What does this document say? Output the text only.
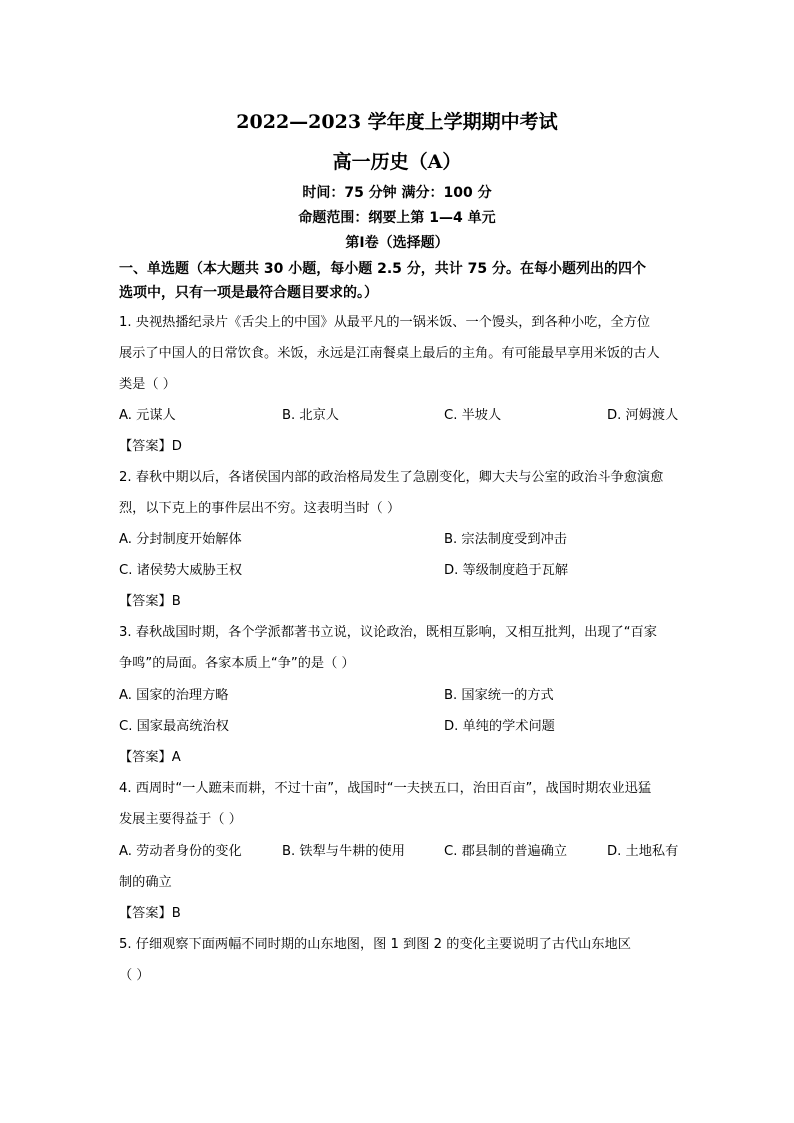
2022—2023 学年度上学期期中考试
高一历史（A）
时间：75 分钟 满分：100 分
命题范围：纲要上第 1—4 单元
第Ⅰ卷（选择题）
一、单选题（本大题共 30 小题，每小题 2.5 分，共计 75 分。在每小题列出的四个
选项中，只有一项是最符合题目要求的。）
1. 央视热播纪录片《舌尖上的中国》从最平凡的一锅米饭、一个馒头，到各种小吃，全方位
展示了中国人的日常饮食。米饭，永远是江南餐桌上最后的主角。有可能最早享用米饭的古人
类是（ ）
A. 元谋人	B. 北京人	C. 半坡人	D. 河姆渡人
【答案】D
2. 春秋中期以后，各诸侯国内部的政治格局发生了急剧变化，卿大夫与公室的政治斗争愈演愈
烈，以下克上的事件层出不穷。这表明当时（ ）
A. 分封制度开始解体	B. 宗法制度受到冲击
C. 诸侯势大威胁王权	D. 等级制度趋于瓦解
【答案】B
3. 春秋战国时期，各个学派都著书立说，议论政治，既相互影响，又相互批判，出现了“百家
争鸣”的局面。各家本质上“争”的是（ ）
A. 国家的治理方略	B. 国家统一的方式
C. 国家最高统治权	D. 单纯的学术问题
【答案】A
4. 西周时“一人蹠耒而耕，不过十亩”，战国时“一夫挟五口，治田百亩”，战国时期农业迅猛
发展主要得益于（ ）
A. 劳动者身份的变化	B. 铁犁与牛耕的使用	C. 郡县制的普遍确立	D. 土地私有
制的确立
【答案】B
5. 仔细观察下面两幅不同时期的山东地图，图 1 到图 2 的变化主要说明了古代山东地区
（ ）
